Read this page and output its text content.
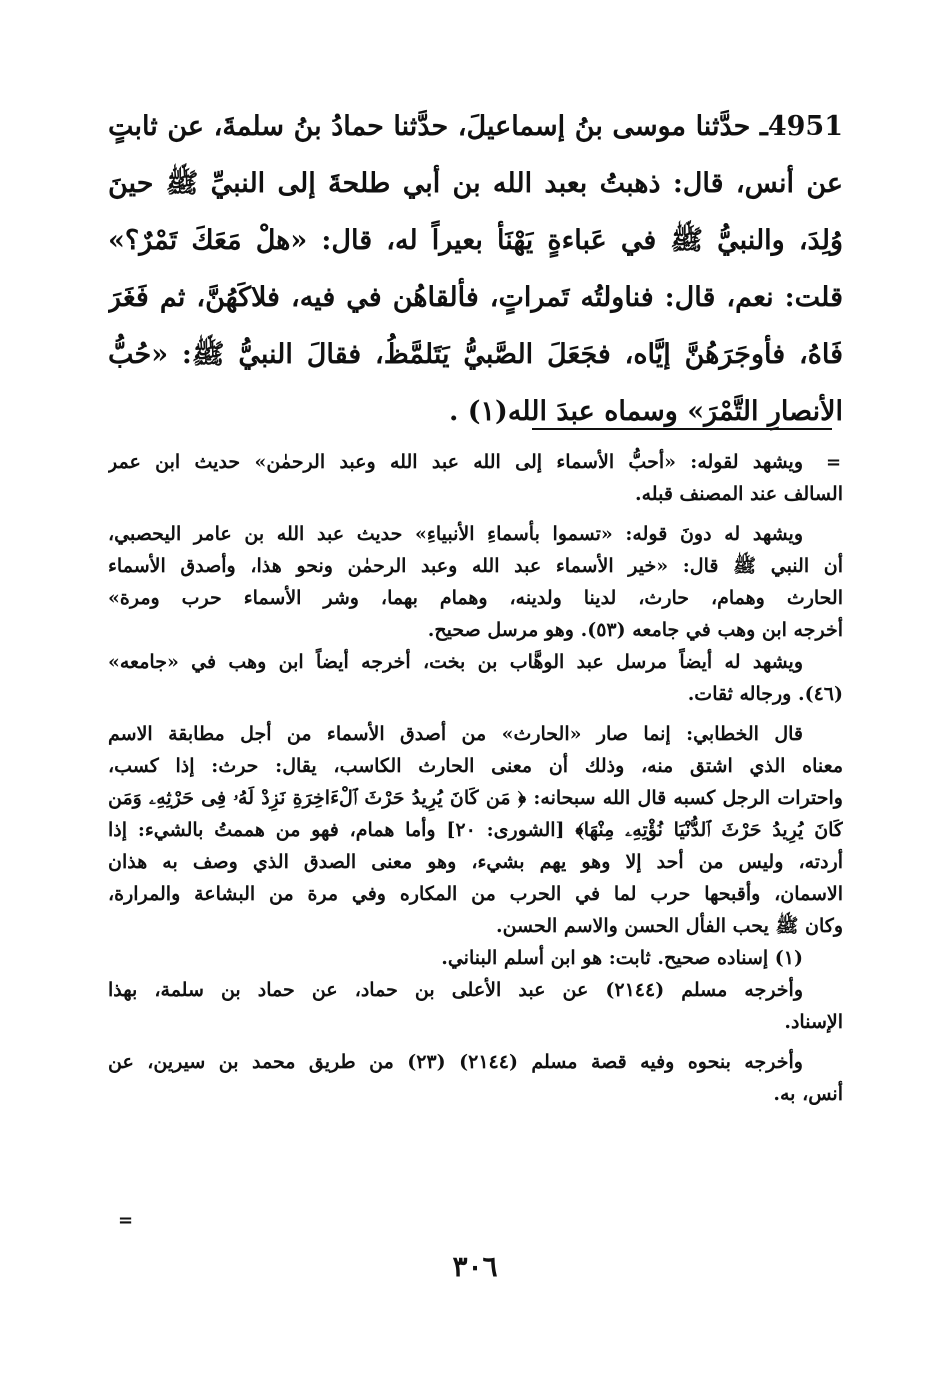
4951ـ حدَّثنا موسى بنُ إسماعيلَ، حدَّثنا حمادُ بنُ سلمةَ، عن ثابتٍ
عن أنس، قال: ذهبتُ بعبد الله بن أبي طلحةَ إلى النبيِّ ﷺ حينَ
وُلِدَ، والنبيُّ ﷺ في عَباءةٍ يَهْنَأ بعيراً له، قال: «هلْ مَعَكَ تَمْرٌ؟»
قلت: نعم، قال: فناولتُه تَمراتٍ، فألقاهُن في فيه، فلاكَهُنَّ، ثم فَغَرَ
فَاهُ، فأوجَرَهُنَّ إيَّاه، فجَعَلَ الصَّبيُّ يَتَلمَّظُ، فقالَ النبيُّ ﷺ: «حُبُّ
الأنصارِ التَّمْرَ» وسماه عبدَ الله(١) .
=
=
ويشهد لقوله: «أحبُّ الأسماء إلى الله عبد الله وعبد الرحمٰن» حديث ابن عمر
السالف عند المصنف قبله.
ويشهد له دونَ قوله: «تسموا بأسماءِ الأنبياءِ» حديث عبد الله بن عامر اليحصبي،
أن النبي ﷺ قال: «خير الأسماء عبد الله وعبد الرحمٰن ونحو هذا، وأصدق الأسماء
الحارث وهمام، حارث، لدينا ولدينه، وهمام بهما، وشر الأسماء حرب ومرة»
أخرجه ابن وهب في جامعه (٥٣). وهو مرسل صحيح.
ويشهد له أيضاً مرسل عبد الوهَّاب بن بخت، أخرجه أيضاً ابن وهب في «جامعه»
(٤٦). ورجاله ثقات.
قال الخطابي: إنما صار «الحارث» من أصدق الأسماء من أجل مطابقة الاسم
معناه الذي اشتق منه، وذلك أن معنى الحارث الكاسب، يقال: حرث: إذا كسب،
واحترات الرجل كسبه قال الله سبحانه: ﴿ مَن كَانَ يُرِيدُ حَرْثَ ٱلْءَاخِرَةِ نَزِدْ لَهُۥ فِى حَرْثِهِۦ وَمَن
كَانَ يُرِيدُ حَرْثَ ٱلدُّنْيَا نُؤْتِهِۦ مِنْهَا﴾ [الشورى: ٢٠] وأما همام، فهو من هممتُ بالشيء: إذا
أردته، وليس من أحد إلا وهو يهم بشيء، وهو معنى الصدق الذي وصف به هذان
الاسمان، وأقبحها حرب لما في الحرب من المكاره وفي مرة من البشاعة والمرارة،
وكان ﷺ يحب الفأل الحسن والاسم الحسن.
(١) إسناده صحيح. ثابت: هو ابن أسلم البناني.
وأخرجه مسلم (٢١٤٤) عن عبد الأعلى بن حماد، عن حماد بن سلمة، بهذا
الإسناد.
وأخرجه بنحوه وفيه قصة مسلم (٢١٤٤) (٢٣) من طريق محمد بن سيرين، عن
أنس، به.
٣٠٦
